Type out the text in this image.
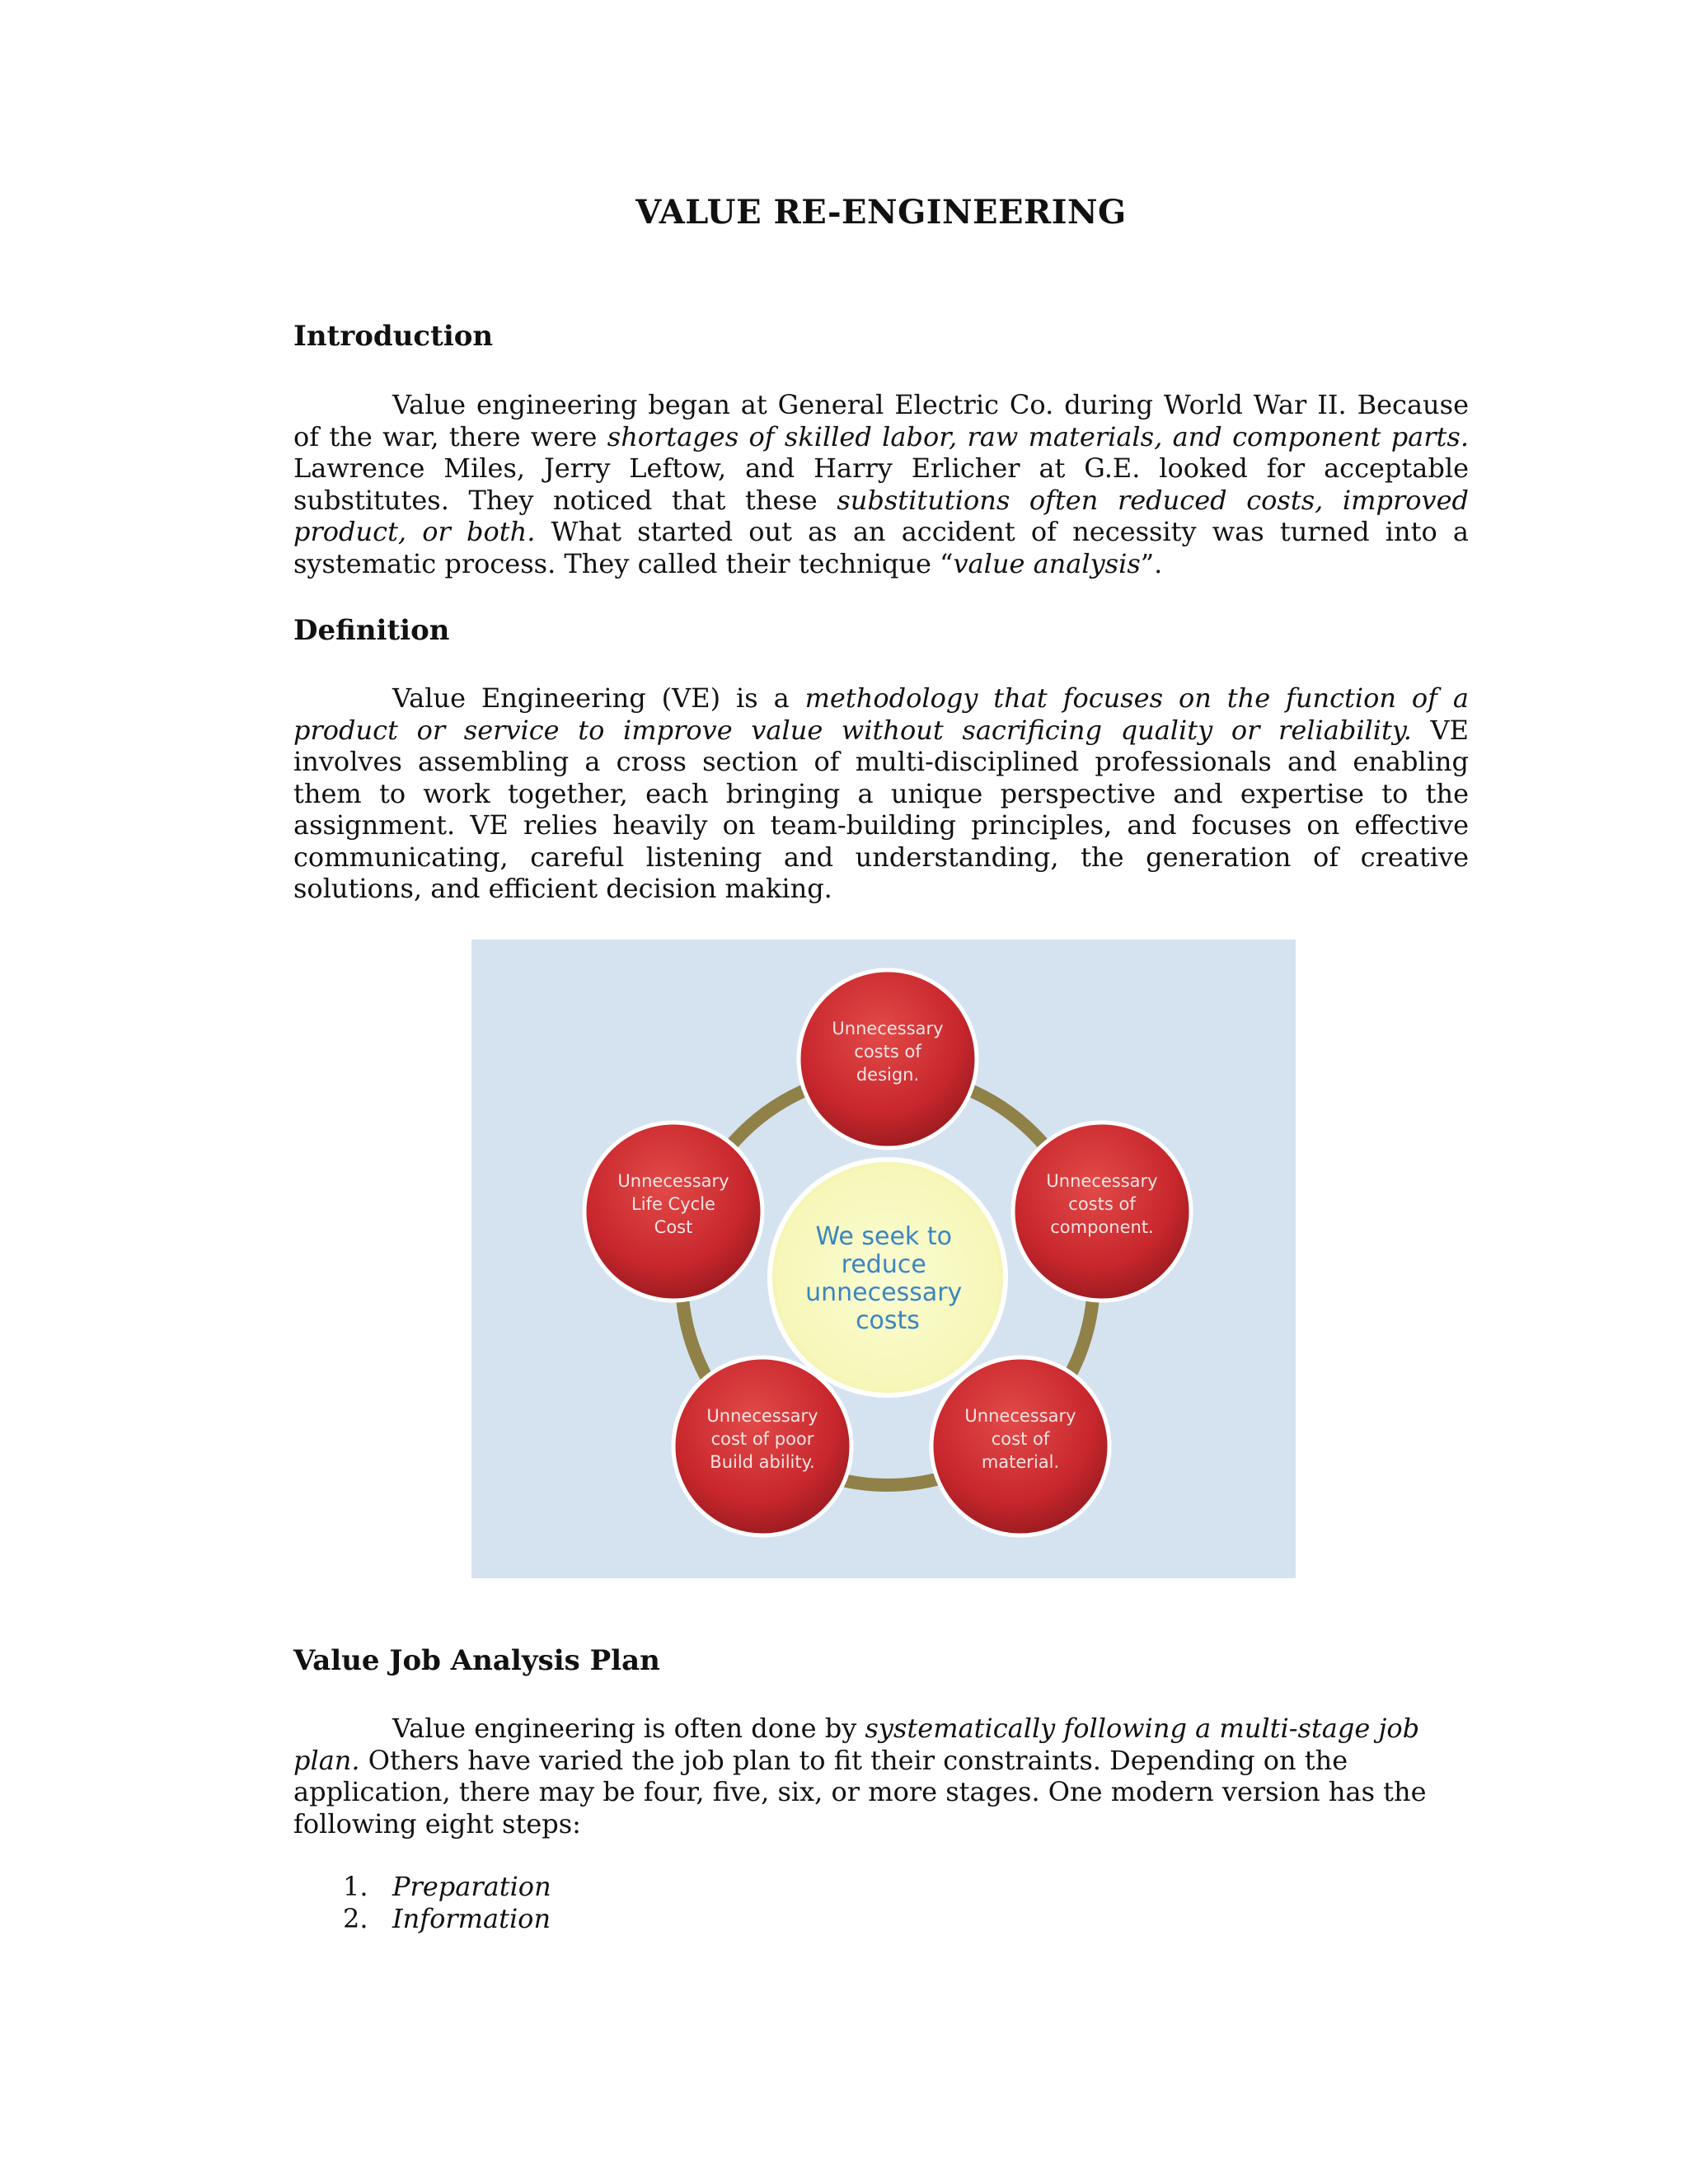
VALUE RE-ENGINEERING
Introduction

Value engineering began at General Electric Co. during World War II. Because of the war, there were shortages of skilled labor, raw materials, and component parts. Lawrence Miles, Jerry Leftow, and Harry Erlicher at G.E. looked for acceptable substitutes. They noticed that these substitutions often reduced costs, improved product, or both. What started out as an accident of necessity was turned into a systematic process. They called their technique “value analysis”.

Definition

Value Engineering (VE) is a methodology that focuses on the function of a product or service to improve value without sacrificing quality or reliability. VE involves assembling a cross section of multi-disciplined professionals and enabling them to work together, each bringing a unique perspective and expertise to the assignment. VE relies heavily on team-building principles, and focuses on effective communicating, careful listening and understanding, the generation of creative solutions, and efficient decision making.

We seek to reduce unnecessary costs
Unnecessary costs of design.
Unnecessary costs of component.
Unnecessary cost of material.
Unnecessary cost of poor Build ability.
Unnecessary Life Cycle Cost
Value Job Analysis Plan

Value engineering is often done by systematically following a multi-stage job plan. Others have varied the job plan to fit their constraints. Depending on the application, there may be four, five, six, or more stages. One modern version has the following eight steps:

1. Preparation
2. Information
